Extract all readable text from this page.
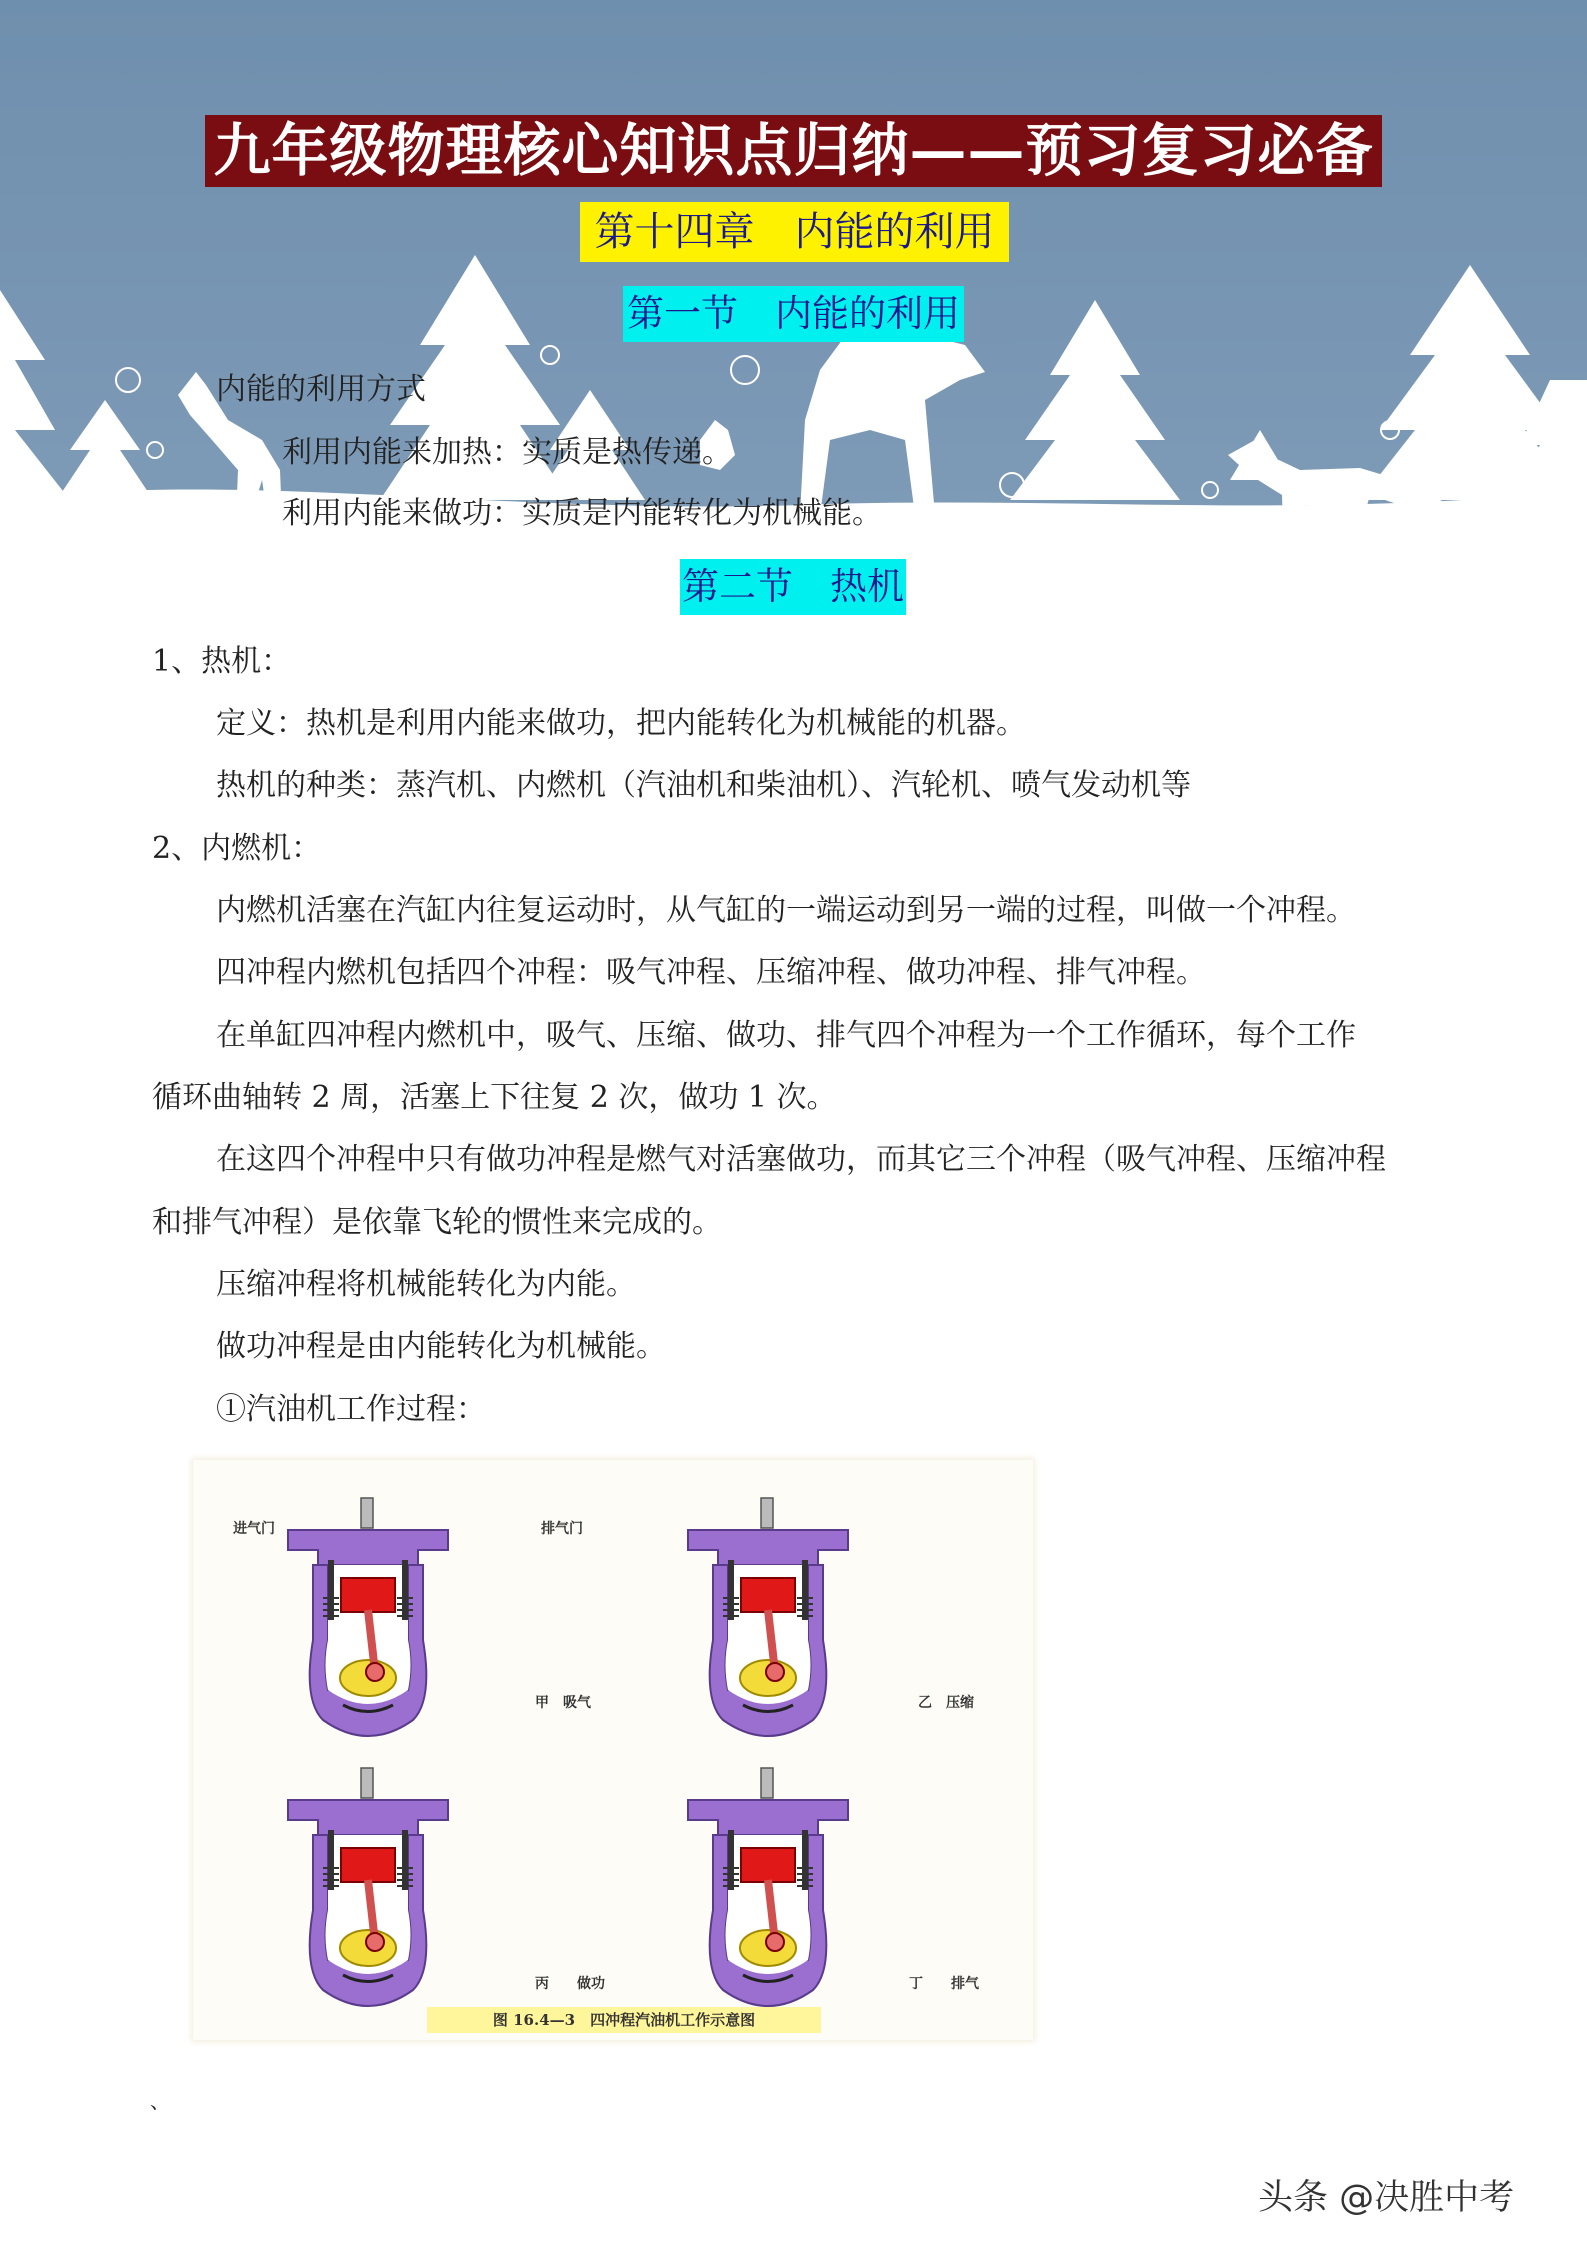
九年级物理核心知识点归纳——预习复习必备
第十四章　内能的利用
第一节　内能的利用
内能的利用方式
利用内能来加热：实质是热传递。
利用内能来做功：实质是内能转化为机械能。
第二节　热机
1、热机：
定义：热机是利用内能来做功，把内能转化为机械能的机器。
热机的种类：蒸汽机、内燃机（汽油机和柴油机）、汽轮机、喷气发动机等
2、内燃机：
内燃机活塞在汽缸内往复运动时，从气缸的一端运动到另一端的过程，叫做一个冲程。
四冲程内燃机包括四个冲程：吸气冲程、压缩冲程、做功冲程、排气冲程。
在单缸四冲程内燃机中，吸气、压缩、做功、排气四个冲程为一个工作循环，每个工作
循环曲轴转 2 周，活塞上下往复 2 次，做功 1 次。
在这四个冲程中只有做功冲程是燃气对活塞做功，而其它三个冲程（吸气冲程、压缩冲程
和排气冲程）是依靠飞轮的惯性来完成的。
压缩冲程将机械能转化为内能。
做功冲程是由内能转化为机械能。
①汽油机工作过程：
进气门	排气门
甲　吸气	乙　压缩
丙　　做功	丁　　排气
图 16.4—3　四冲程汽油机工作示意图
、
头条 @决胜中考
